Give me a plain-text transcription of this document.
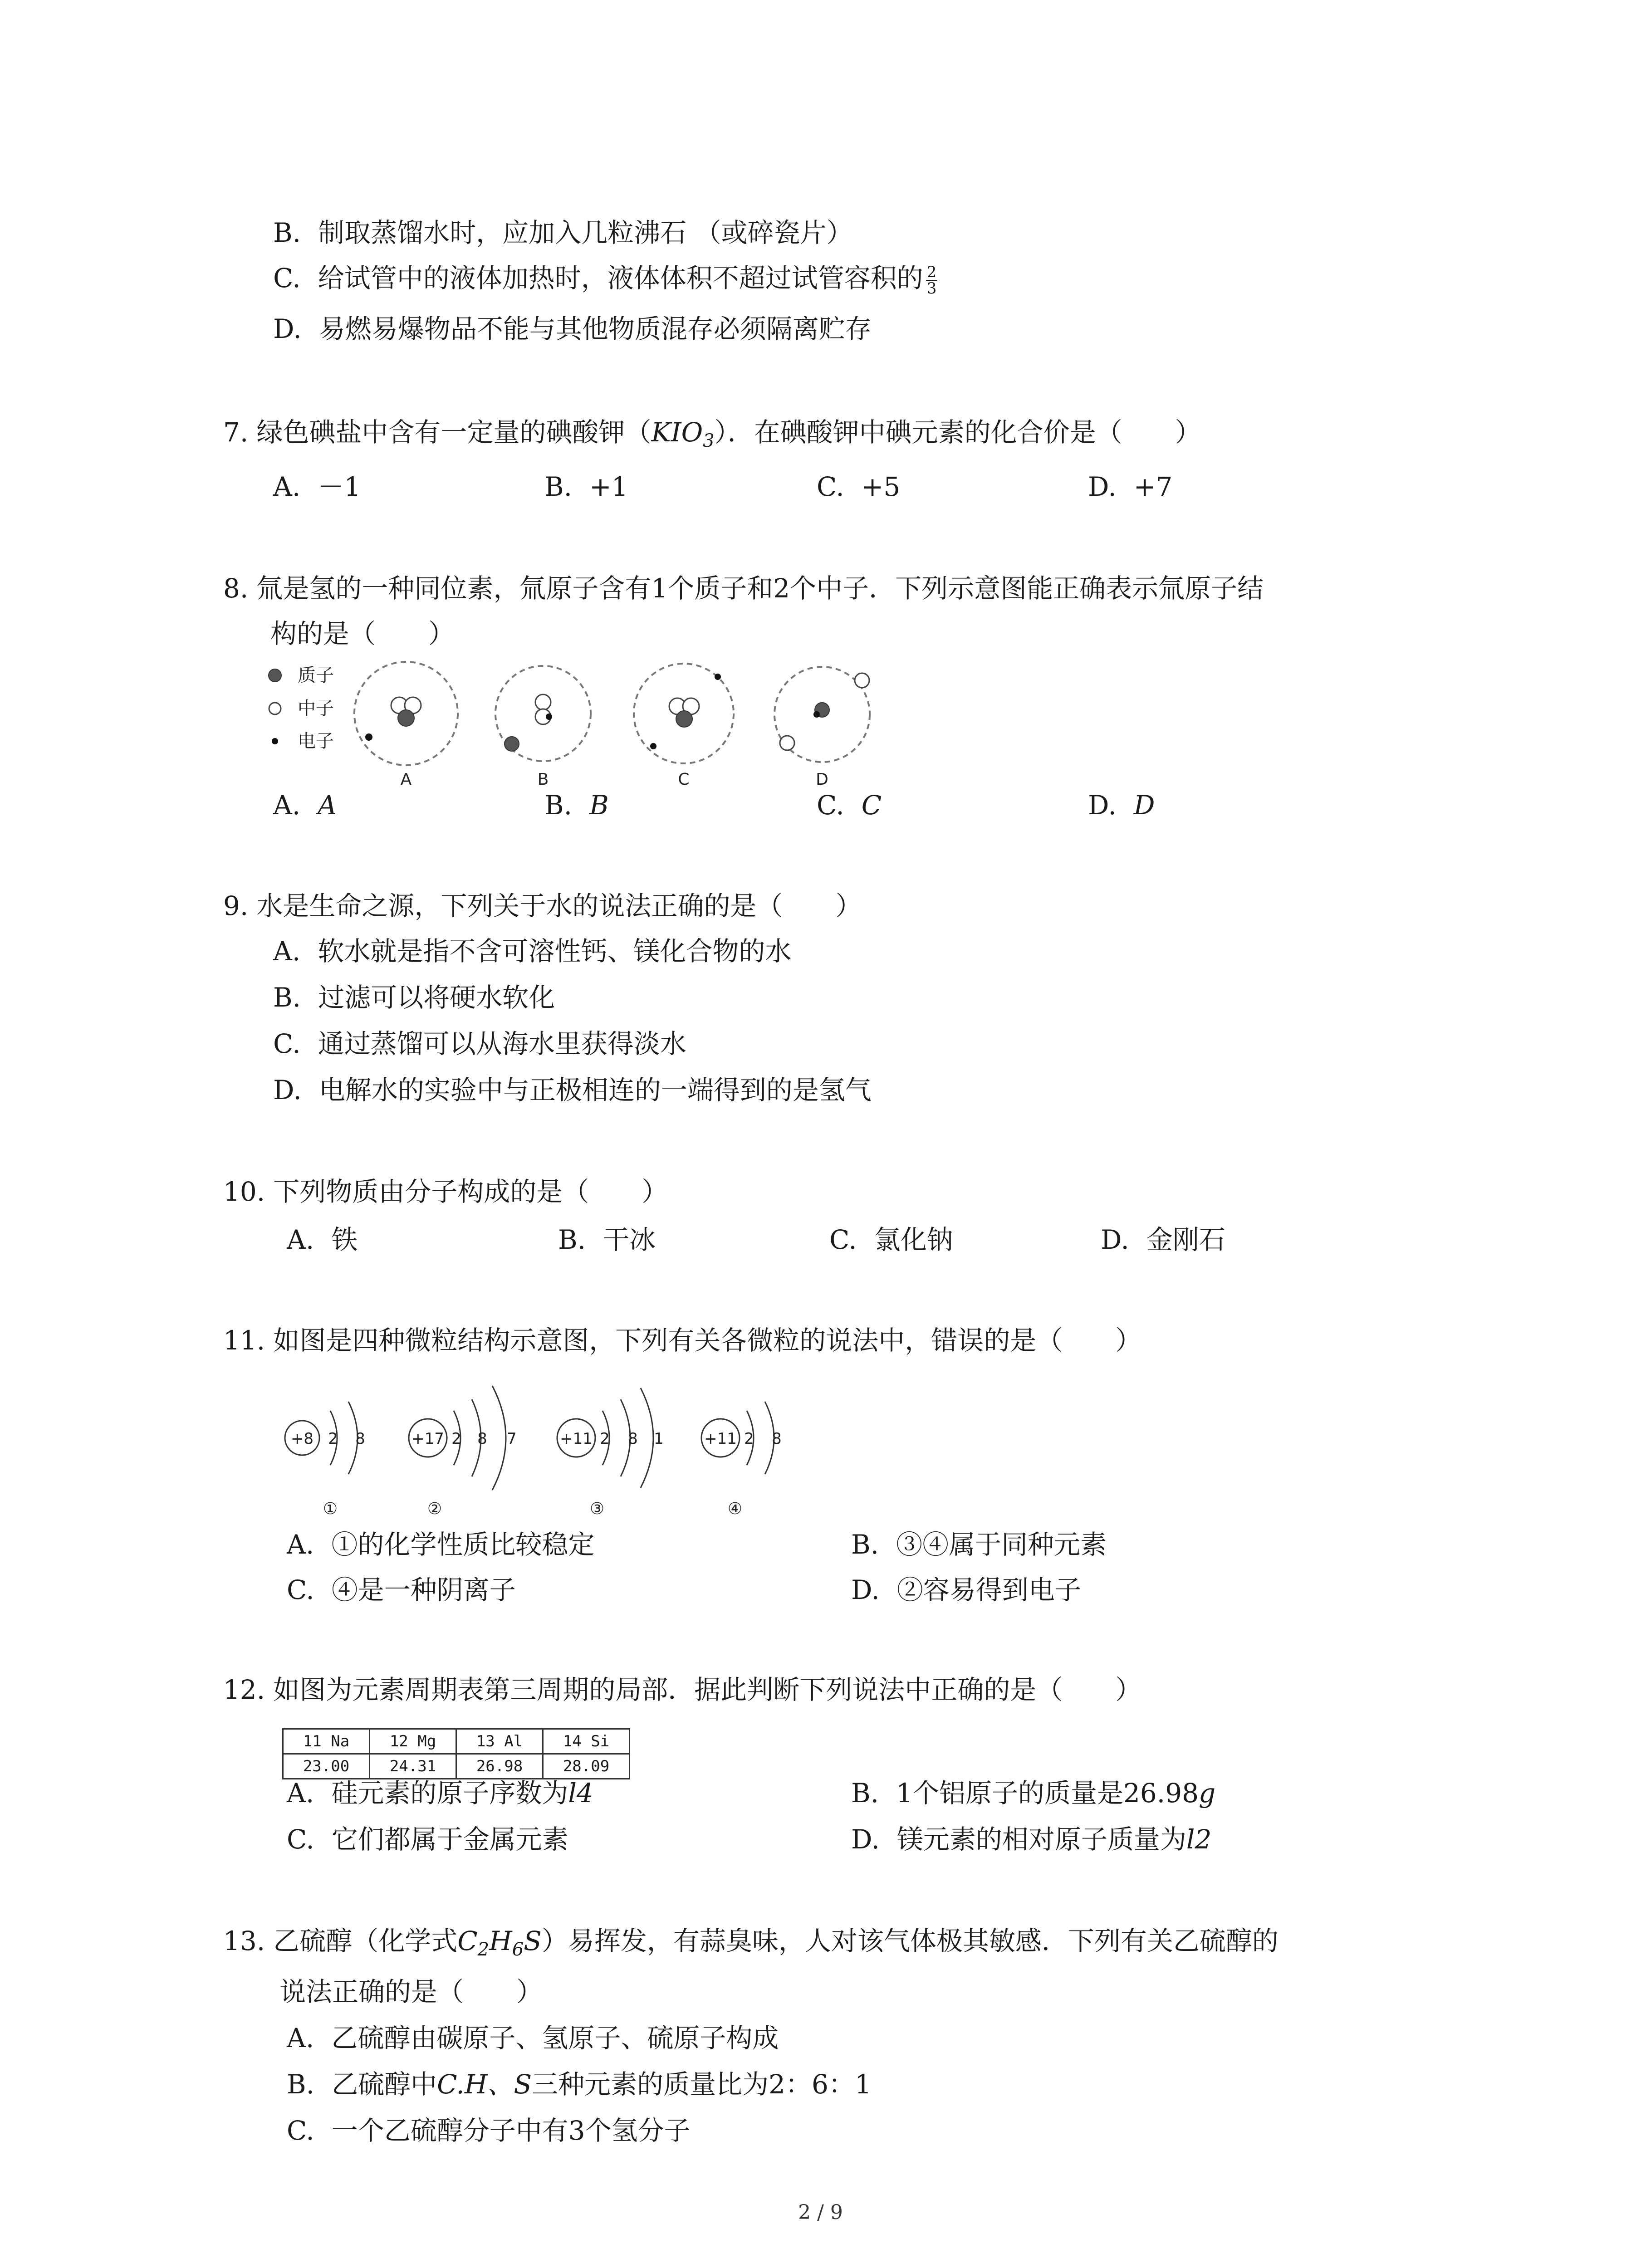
B. 制取蒸馏水时，应加入几粒沸石 （或碎瓷片）
C. 给试管中的液体加热时，液体体积不超过试管容积的 $\frac{2}{3}$
D. 易燃易爆物品不能与其他物质混存必须隔离贮存
7. 绿色碘盐中含有一定量的碘酸钾$(KIO_3)$．在碘酸钾中碘元素的化合价是（　　）
A. －1	B. +1	C. +5	D. +7
8. 氚是氢的一种同位素，氚原子含有1个质子和2个中子．下列示意图能正确表示氚原子结
构的是（　　）
质子
中子
电子
A	B	C	D
+8 2 8
①
+17 2 8 7
②
+11 2 8 1
③
+11 2 8
④
A. A	B. B	C. C	D. D
9. 水是生命之源，下列关于水的说法正确的是（　　）
A. 软水就是指不含可溶性钙、镁化合物的水
B. 过滤可以将硬水软化
C. 通过蒸馏可以从海水里获得淡水
D. 电解水的实验中与正极相连的一端得到的是氢气
10. 下列物质由分子构成的是（　　）
A. 铁	B. 干冰	C. 氯化钠	D. 金刚石
11. 如图是四种微粒结构示意图，下列有关各微粒的说法中，错误的是（　　）
A. ①的化学性质比较稳定	B. ③④属于同种元素
C. ④是一种阴离子	D. ②容易得到电子
12. 如图为元素周期表第三周期的局部．据此判断下列说法中正确的是（　　）
11 Na	12 Mg	13 Al	14 Si
23.00	24.31	26.98	28.09
A. 硅元素的原子序数为l4	B. 1个铝原子的质量是26.98g
C. 它们都属于金属元素	D. 镁元素的相对原子质量为l2
13. 乙硫醇（化学式$C_2H_6S$）易挥发，有蒜臭味，人对该气体极其敏感．下列有关乙硫醇的
说法正确的是（　　）
A. 乙硫醇由碳原子、氢原子、硫原子构成
B. 乙硫醇中C.H、S三种元素的质量比为2：6：1
C. 一个乙硫醇分子中有3个氢分子
2 / 9
